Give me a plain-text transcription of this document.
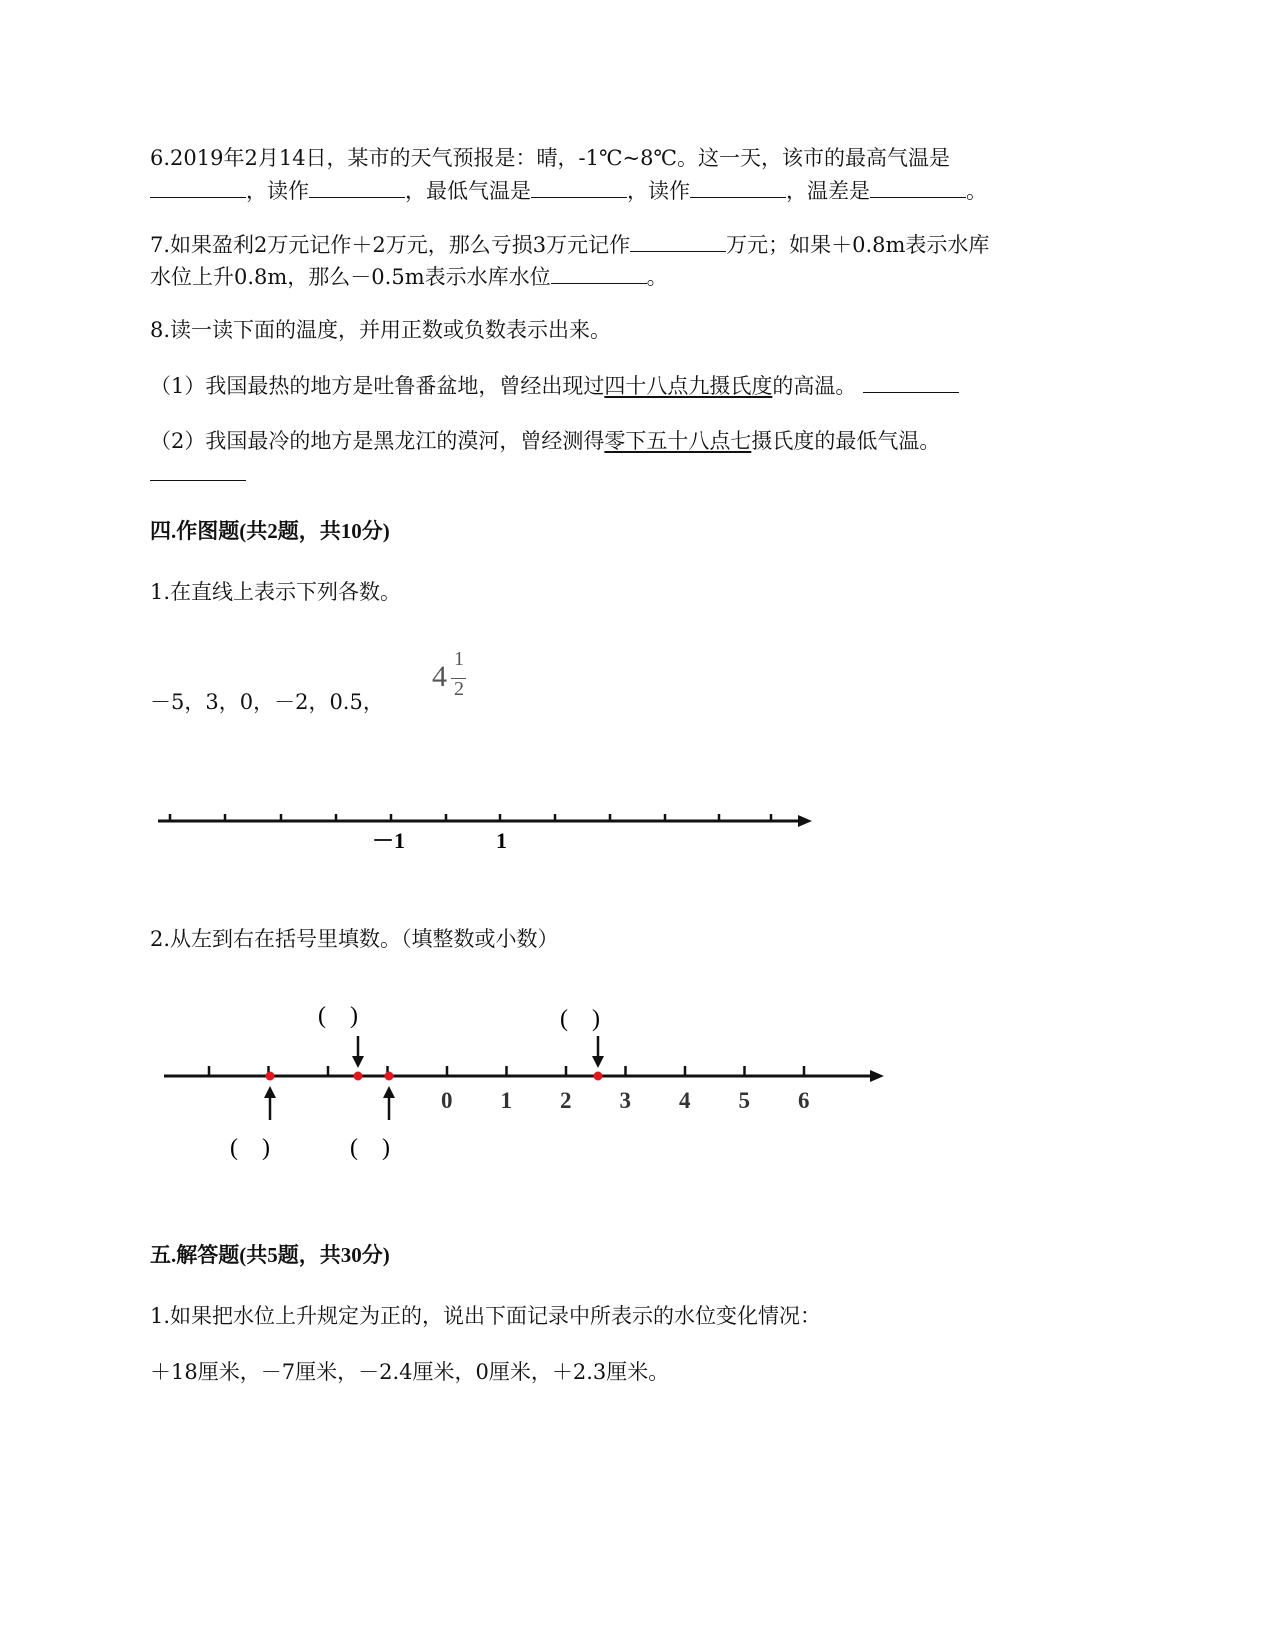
6.2019年2月14日，某市的天气预报是：晴，-1℃~8℃。这一天，该市的最高气温是
，读作	，最低气温是	，读作	，温差是	。
7.如果盈利2万元记作＋2万元，那么亏损3万元记作	万元；如果＋0.8m表示水库
水位上升0.8m，那么－0.5m表示水库水位	。
8.读一读下面的温度，并用正数或负数表示出来。
（1）我国最热的地方是吐鲁番盆地，曾经出现过四十八点九摄氏度的高温。
（2）我国最冷的地方是黑龙江的漠河，曾经测得零下五十八点七摄氏度的最低气温。
四.作图题(共2题，共10分)
1.在直线上表示下列各数。
－5，3，0，－2，0.5，
4
1
2
－1	1
2.从左到右在括号里填数。（填整数或小数）
0 1 2 3 4 5 6
(    )	(    )
(    )	(    )
五.解答题(共5题，共30分)
1.如果把水位上升规定为正的，说出下面记录中所表示的水位变化情况：
＋18厘米，－7厘米，－2.4厘米，0厘米，＋2.3厘米。
